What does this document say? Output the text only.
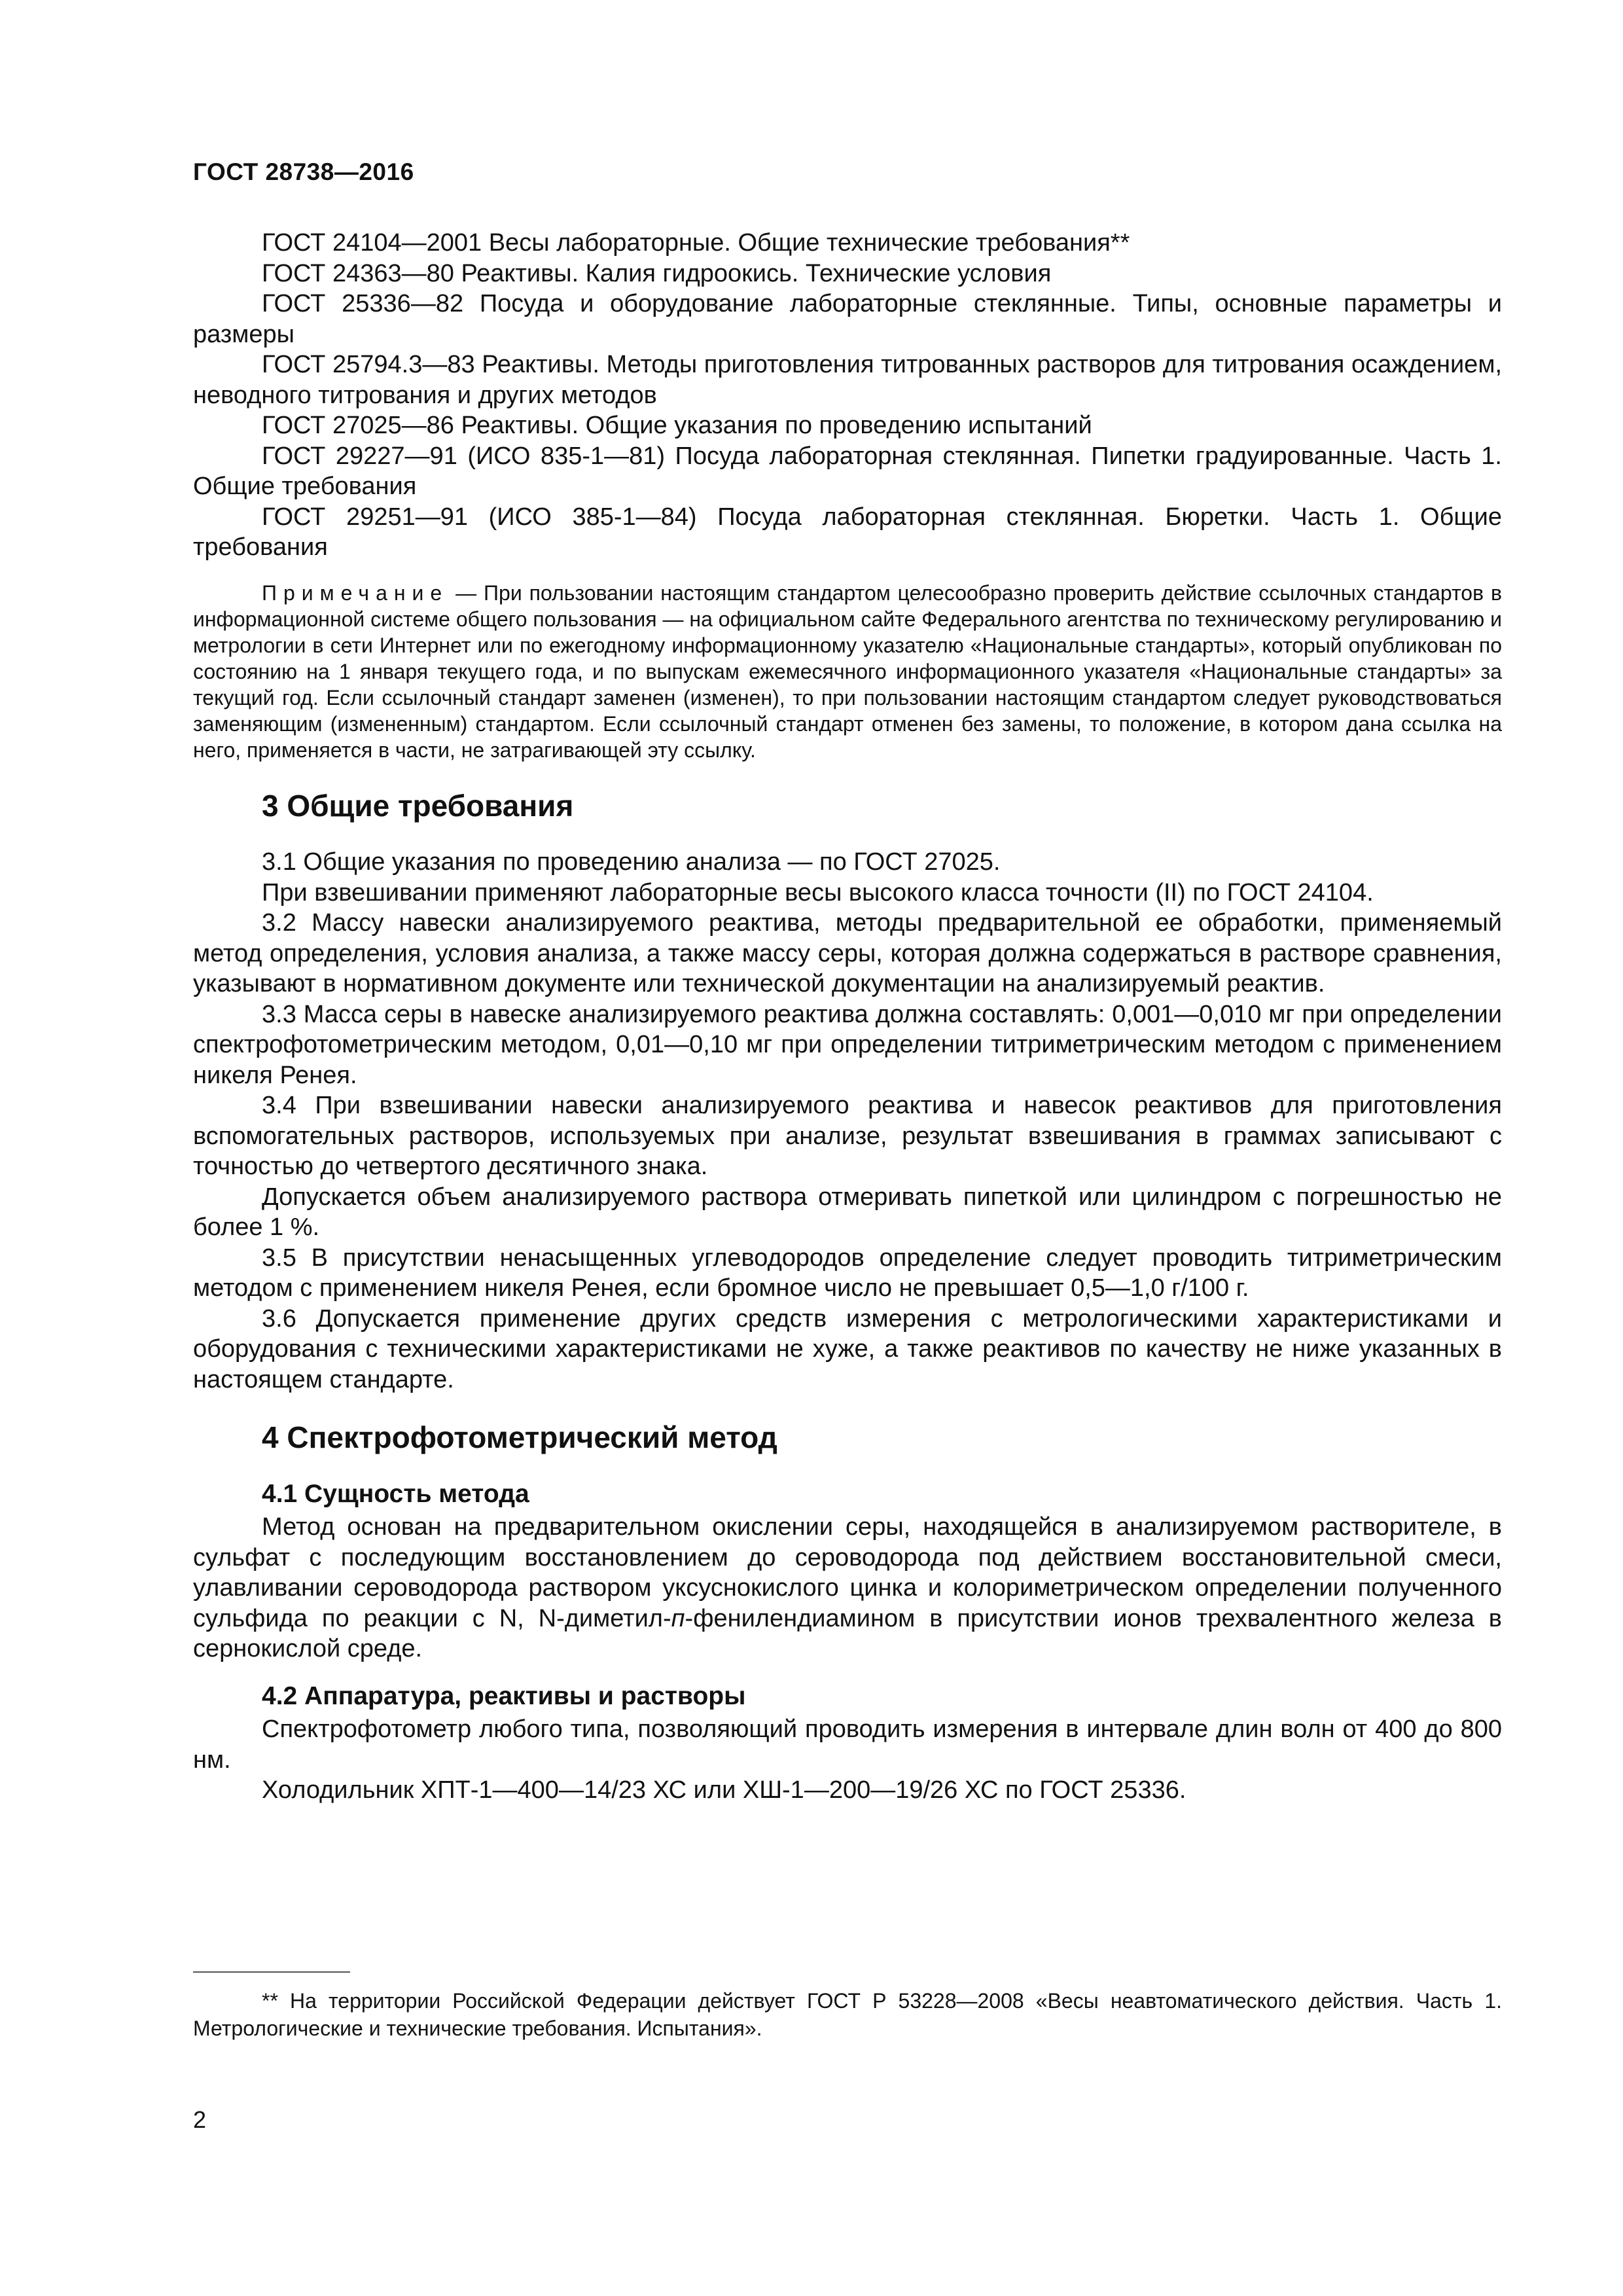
ГОСТ 28738—2016

ГОСТ 24104—2001 Весы лабораторные. Общие технические требования**

ГОСТ 24363—80 Реактивы. Калия гидроокись. Технические условия

ГОСТ 25336—82 Посуда и оборудование лабораторные стеклянные. Типы, основные параметры и размеры

ГОСТ 25794.3—83 Реактивы. Методы приготовления титрованных растворов для титрования осаждением, неводного титрования и других методов

ГОСТ 27025—86 Реактивы. Общие указания по проведению испытаний

ГОСТ 29227—91 (ИСО 835-1—81) Посуда лабораторная стеклянная. Пипетки градуированные. Часть 1. Общие требования

ГОСТ 29251—91 (ИСО 385-1—84) Посуда лабораторная стеклянная. Бюретки. Часть 1. Общие требования

Примечание — При пользовании настоящим стандартом целесообразно проверить действие ссылочных стандартов в информационной системе общего пользования — на официальном сайте Федерального агентства по техническому регулированию и метрологии в сети Интернет или по ежегодному информационному указателю «Национальные стандарты», который опубликован по состоянию на 1 января текущего года, и по выпускам ежемесячного информационного указателя «Национальные стандарты» за текущий год. Если ссылочный стандарт заменен (изменен), то при пользовании настоящим стандартом следует руководствоваться заменяющим (измененным) стандартом. Если ссылочный стандарт отменен без замены, то положение, в котором дана ссылка на него, применяется в части, не затрагивающей эту ссылку.
3 Общие требования

3.1 Общие указания по проведению анализа — по ГОСТ 27025.

При взвешивании применяют лабораторные весы высокого класса точности (II) по ГОСТ 24104.

3.2 Массу навески анализируемого реактива, методы предварительной ее обработки, применяемый метод определения, условия анализа, а также массу серы, которая должна содержаться в растворе сравнения, указывают в нормативном документе или технической документации на анализируемый реактив.

3.3 Масса серы в навеске анализируемого реактива должна составлять: 0,001—0,010 мг при определении спектрофотометрическим методом, 0,01—0,10 мг при определении титриметрическим методом с применением никеля Ренея.

3.4 При взвешивании навески анализируемого реактива и навесок реактивов для приготовления вспомогательных растворов, используемых при анализе, результат взвешивания в граммах записывают с точностью до четвертого десятичного знака.

Допускается объем анализируемого раствора отмеривать пипеткой или цилиндром с погрешностью не более 1 %.

3.5 В присутствии ненасыщенных углеводородов определение следует проводить титриметрическим методом с применением никеля Ренея, если бромное число не превышает 0,5—1,0 г/100 г.

3.6 Допускается применение других средств измерения с метрологическими характеристиками и оборудования с техническими характеристиками не хуже, а также реактивов по качеству не ниже указанных в настоящем стандарте.

4 Спектрофотометрический метод
4.1 Сущность метода

Метод основан на предварительном окислении серы, находящейся в анализируемом растворителе, в сульфат с последующим восстановлением до сероводорода под действием восстановительной смеси, улавливании сероводорода раствором уксуснокислого цинка и колориметрическом определении полученного сульфида по реакции с N, N-диметил-п-фенилендиамином в присутствии ионов трехвалентного железа в сернокислой среде.

4.2 Аппаратура, реактивы и растворы

Спектрофотометр любого типа, позволяющий проводить измерения в интервале длин волн от 400 до 800 нм.

Холодильник ХПТ-1—400—14/23 ХС или ХШ-1—200—19/26 ХС по ГОСТ 25336.

** На территории Российской Федерации действует ГОСТ Р 53228—2008 «Весы неавтоматического действия. Часть 1. Метрологические и технические требования. Испытания».
2
